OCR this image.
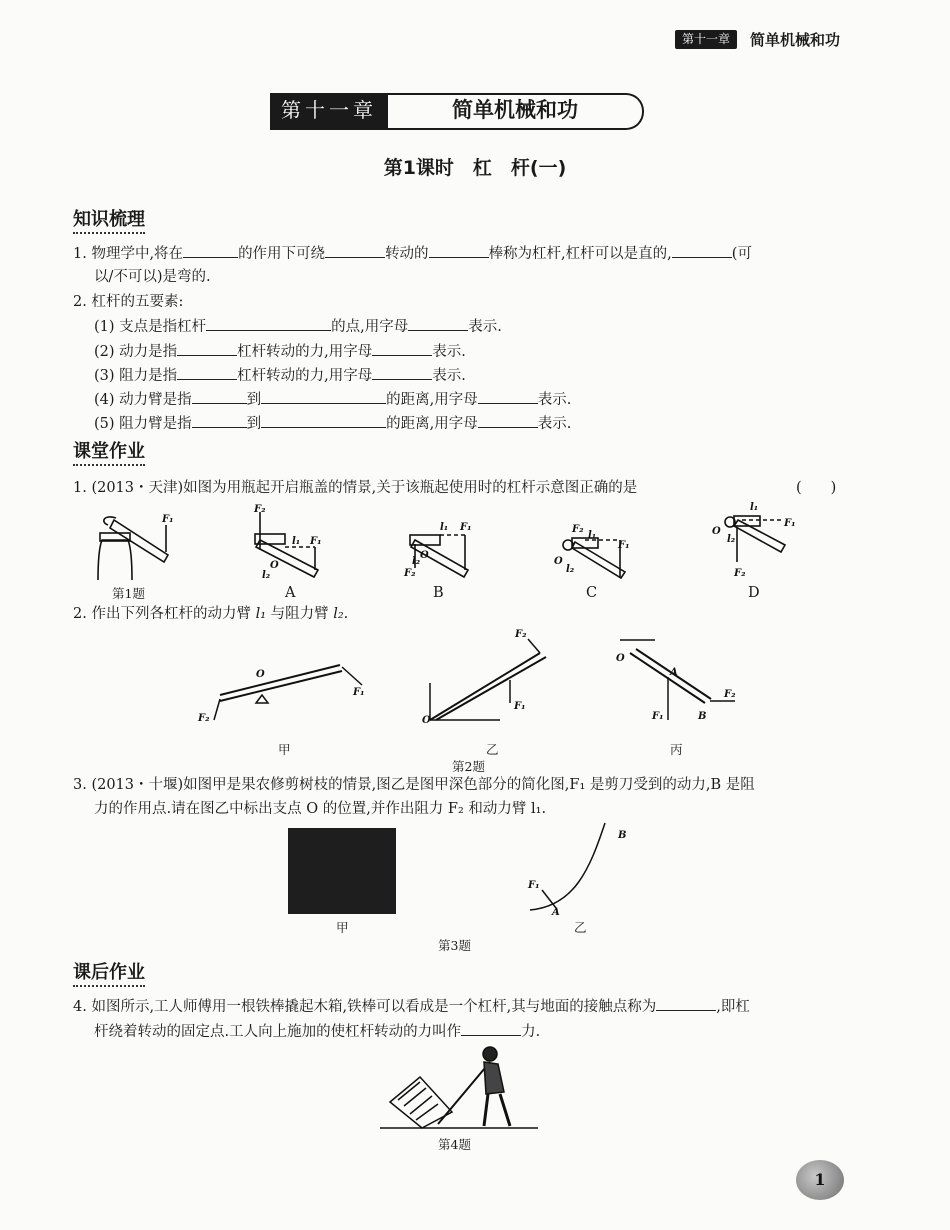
第十一章	简单机械和功
第十一章	简单机械和功
第1课时　杠　杆(一)
知识梳理
1. 物理学中,将在	的作用下可绕	转动的	棒称为杠杆,杠杆可以是直的,	(可
以/不可以)是弯的.
2. 杠杆的五要素:
(1) 支点是指杠杆	的点,用字母	表示.
(2) 动力是指	杠杆转动的力,用字母	表示.
(3) 阻力是指	杠杆转动的力,用字母	表示.
(4) 动力臂是指	到	的距离,用字母	表示.
(5) 阻力臂是指	到	的距离,用字母	表示.
课堂作业
1. (2013・天津)如图为用瓶起开启瓶盖的情景,关于该瓶起使用时的杠杆示意图正确的是	(　　)
F₁
F₂
l₁ F₁
O
l₂
l₁ F₁
O
l₂
F₂
F₂
l₁
F₁
O
l₂
l₁
F₁
O
l₂
F₂
第1题	A	B	C	D
2. 作出下列各杠杆的动力臂 l₁ 与阻力臂 l₂.
O
F₁
F₂
F₂
F₁
O
O
A
F₁	B
F₂
甲	乙	丙
第2题
3. (2013・十堰)如图甲是果农修剪树枝的情景,图乙是图甲深色部分的简化图,F₁ 是剪刀受到的动力,B 是阻
力的作用点.请在图乙中标出支点 O 的位置,并作出阻力 F₂ 和动力臂 l₁.
甲
B
F₁
A
乙
第3题
课后作业
4. 如图所示,工人师傅用一根铁棒撬起木箱,铁棒可以看成是一个杠杆,其与地面的接触点称为	,即杠
杆绕着转动的固定点.工人向上施加的使杠杆转动的力叫作	力.
第4题
1
